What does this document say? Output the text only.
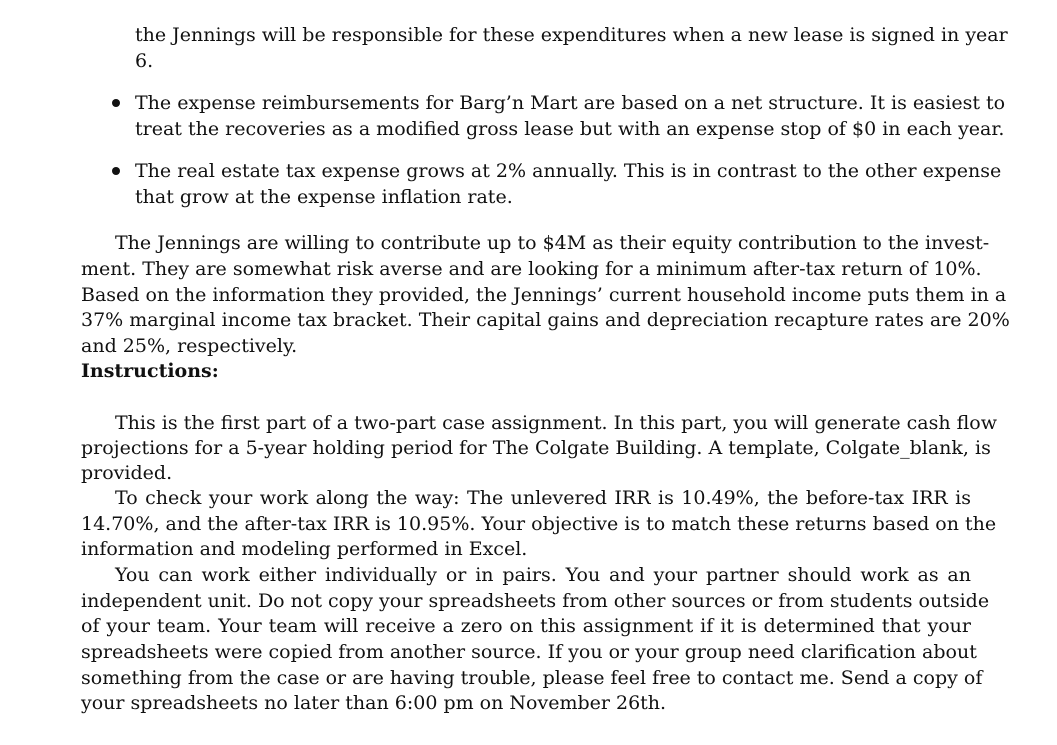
the Jennings will be responsible for these expenditures when a new lease is signed in year
6.
The expense reimbursements for Barg’n Mart are based on a net structure. It is easiest to
treat the recoveries as a modified gross lease but with an expense stop of $0 in each year.
The real estate tax expense grows at 2% annually. This is in contrast to the other expense
that grow at the expense inflation rate.
The Jennings are willing to contribute up to $4M as their equity contribution to the invest-
ment. They are somewhat risk averse and are looking for a minimum after-tax return of 10%.
Based on the information they provided, the Jennings’ current household income puts them in a
37% marginal income tax bracket. Their capital gains and depreciation recapture rates are 20%
and 25%, respectively.
Instructions:
This is the first part of a two-part case assignment. In this part, you will generate cash flow
projections for a 5-year holding period for The Colgate Building. A template, Colgate_blank, is
provided.
To check your work along the way: The unlevered IRR is 10.49%, the before-tax IRR is
14.70%, and the after-tax IRR is 10.95%. Your objective is to match these returns based on the
information and modeling performed in Excel.
You can work either individually or in pairs. You and your partner should work as an
independent unit. Do not copy your spreadsheets from other sources or from students outside
of your team. Your team will receive a zero on this assignment if it is determined that your
spreadsheets were copied from another source. If you or your group need clarification about
something from the case or are having trouble, please feel free to contact me. Send a copy of
your spreadsheets no later than 6:00 pm on November 26th.
